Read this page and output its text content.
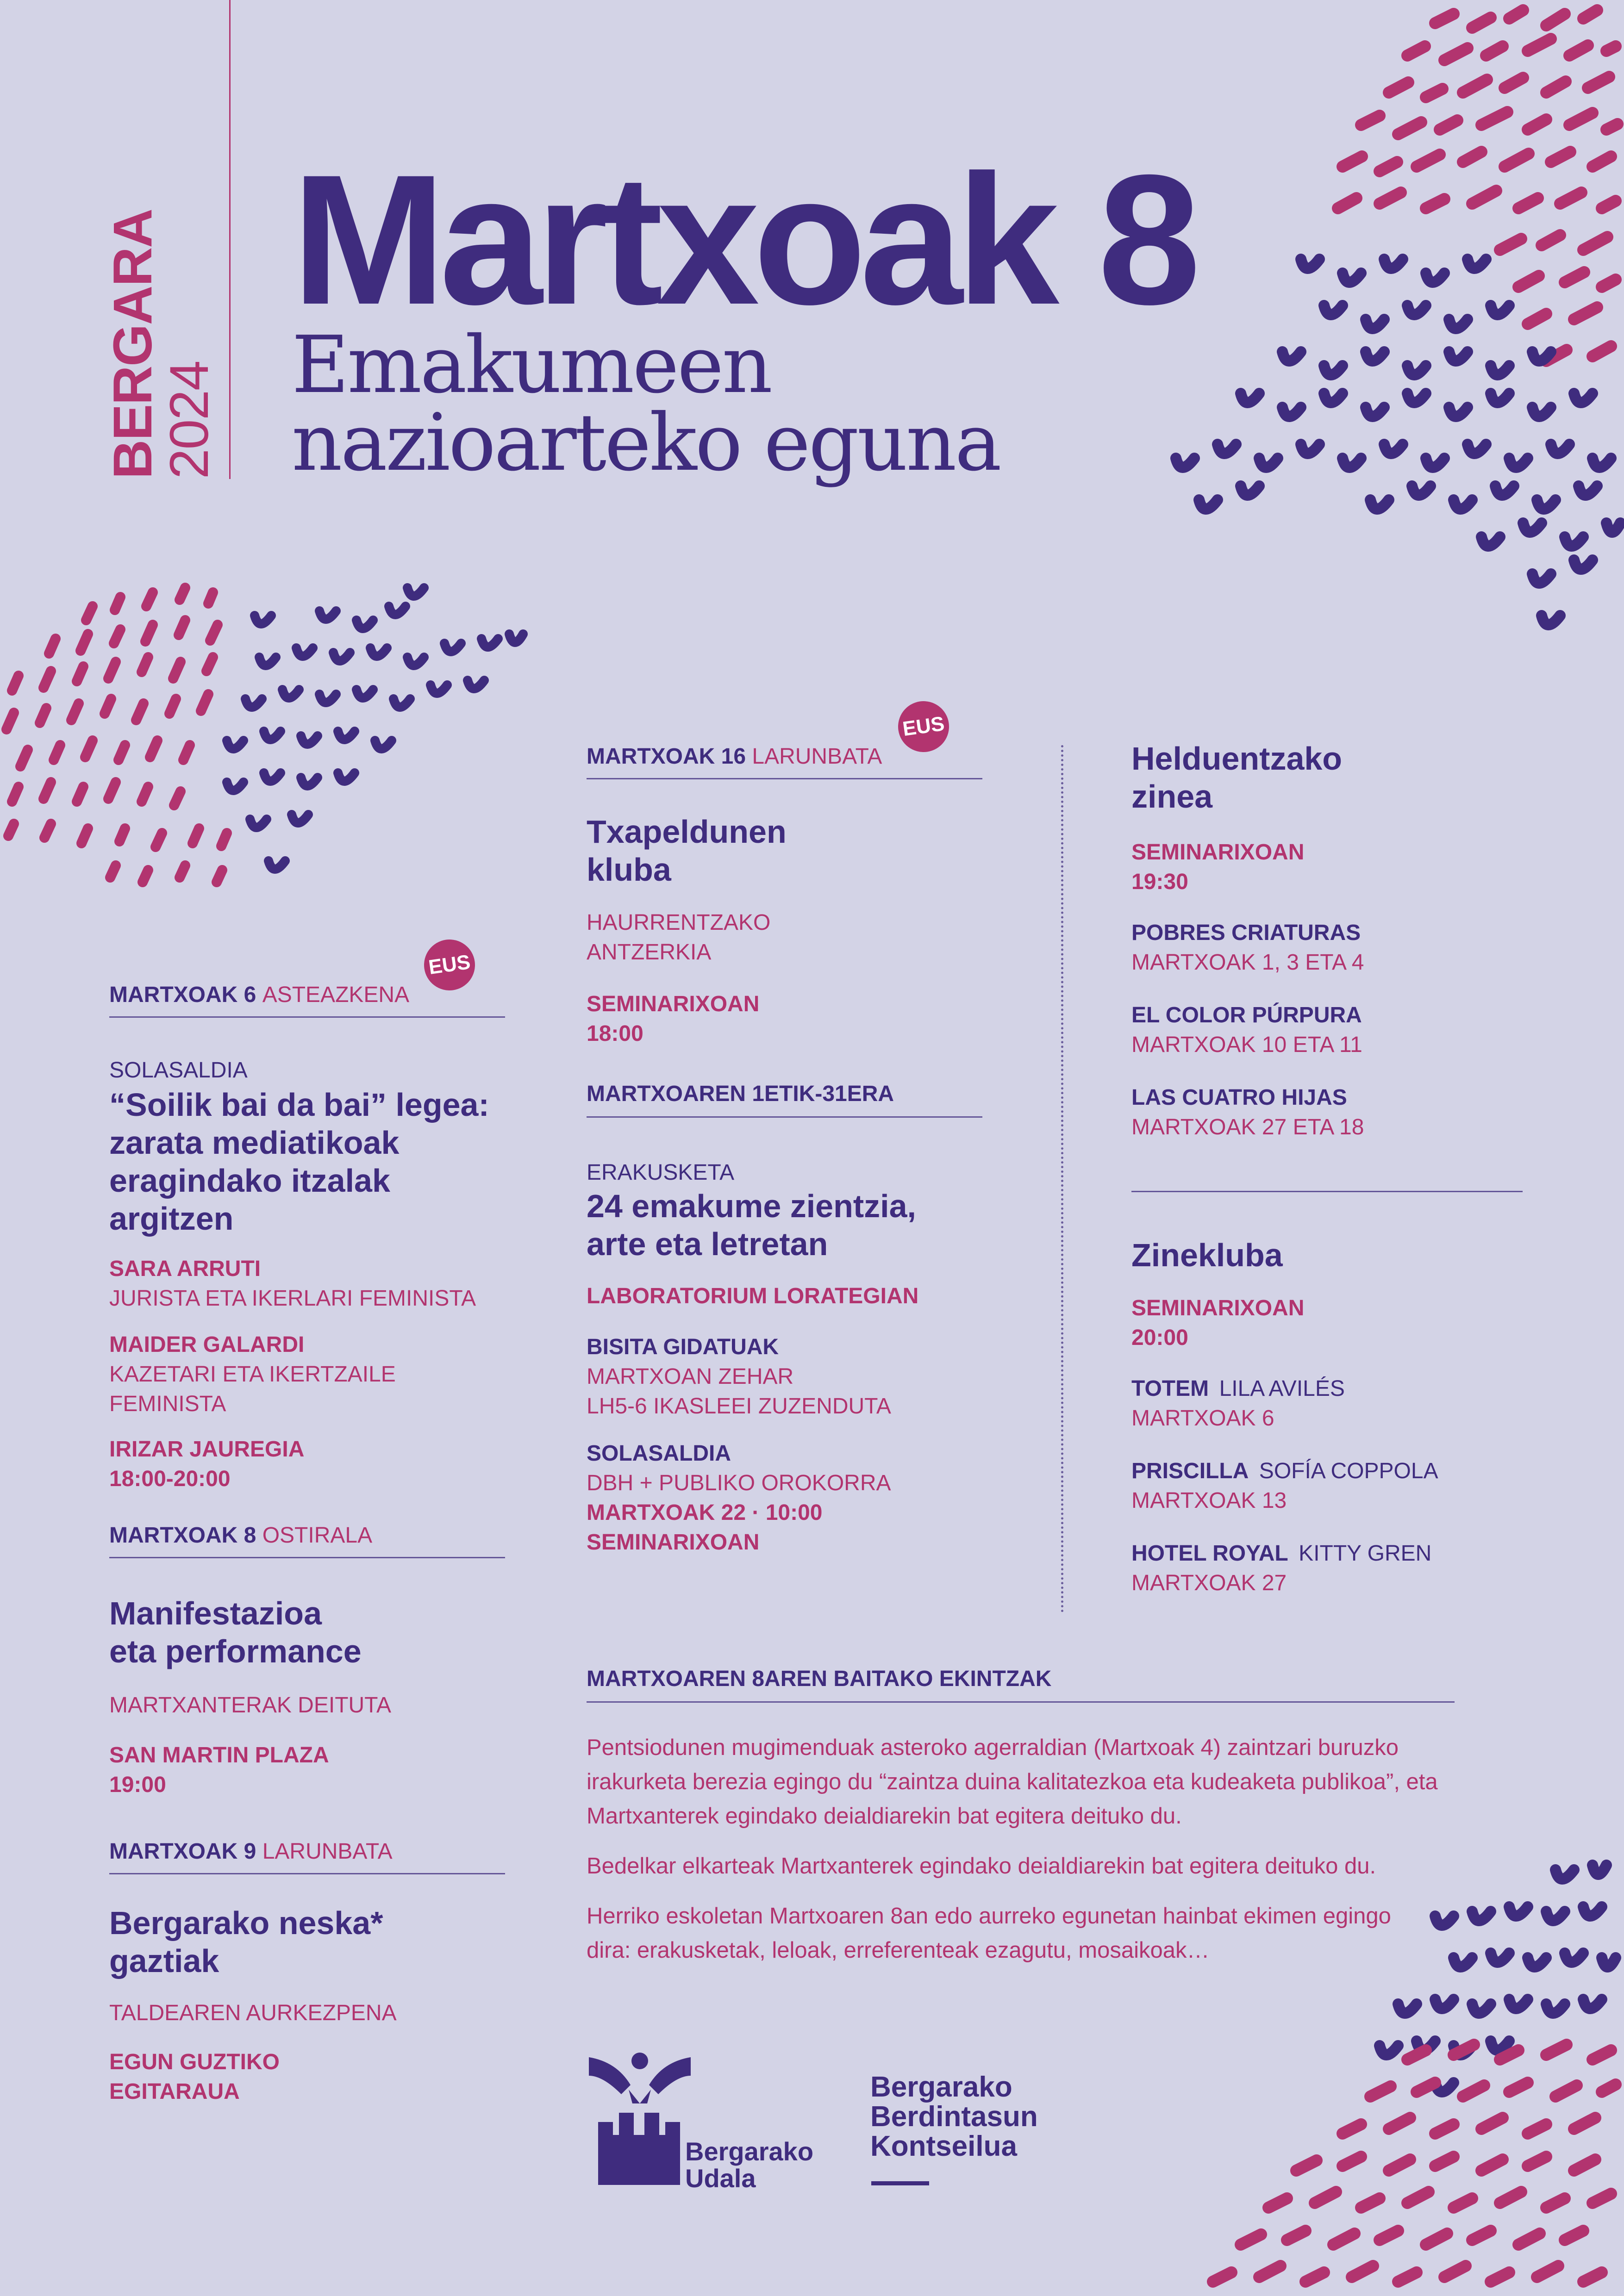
BERGARA
2024
Martxoak 8
Emakumeen
nazioarteko eguna
EUS
MARTXOAK 6 ASTEAZKENA
SOLASALDIA
“Soilik bai da bai” legea:
zarata mediatikoak
eragindako itzalak
argitzen
SARA ARRUTI
JURISTA ETA IKERLARI FEMINISTA
MAIDER GALARDI
KAZETARI ETA IKERTZAILE
FEMINISTA
IRIZAR JAUREGIA
18:00-20:00
MARTXOAK 8 OSTIRALA
Manifestazioa
eta performance
MARTXANTERAK DEITUTA
SAN MARTIN PLAZA
19:00
MARTXOAK 9 LARUNBATA
Bergarako neska*
gaztiak
TALDEAREN AURKEZPENA
EGUN GUZTIKO
EGITARAUA
EUS
MARTXOAK 16 LARUNBATA
Txapeldunen
kluba
HAURRENTZAKO
ANTZERKIA
SEMINARIXOAN
18:00
MARTXOAREN 1ETIK-31ERA
ERAKUSKETA
24 emakume zientzia,
arte eta letretan
LABORATORIUM LORATEGIAN
BISITA GIDATUAK
MARTXOAN ZEHAR
LH5-6 IKASLEEI ZUZENDUTA
SOLASALDIA
DBH + PUBLIKO OROKORRA
MARTXOAK 22 · 10:00
SEMINARIXOAN
Helduentzako
zinea
SEMINARIXOAN
19:30
POBRES CRIATURAS
MARTXOAK 1, 3 ETA 4
EL COLOR PÚRPURA
MARTXOAK 10 ETA 11
LAS CUATRO HIJAS
MARTXOAK 27 ETA 18
Zinekluba
SEMINARIXOAN
20:00
TOTEM LILA AVILÉS
MARTXOAK 6
PRISCILLA SOFÍA COPPOLA
MARTXOAK 13
HOTEL ROYAL KITTY GREN
MARTXOAK 27
MARTXOAREN 8AREN BAITAKO EKINTZAK

Pentsiodunen mugimenduak asteroko agerraldian (Martxoak 4) zaintzari buruzko irakurketa berezia egingo du “zaintza duina kalitatezkoa eta kudeaketa publikoa”, eta Martxanterek egindako deialdiarekin bat egitera deituko du.

Bedelkar elkarteak Martxanterek egindako deialdiarekin bat egitera deituko du.

Herriko eskoletan Martxoaren 8an edo aurreko egunetan hainbat ekimen egingo dira: erakusketak, leloak, erreferenteak ezagutu, mosaikoak…

Bergarako
Udala
Bergarako
Berdintasun
Kontseilua
